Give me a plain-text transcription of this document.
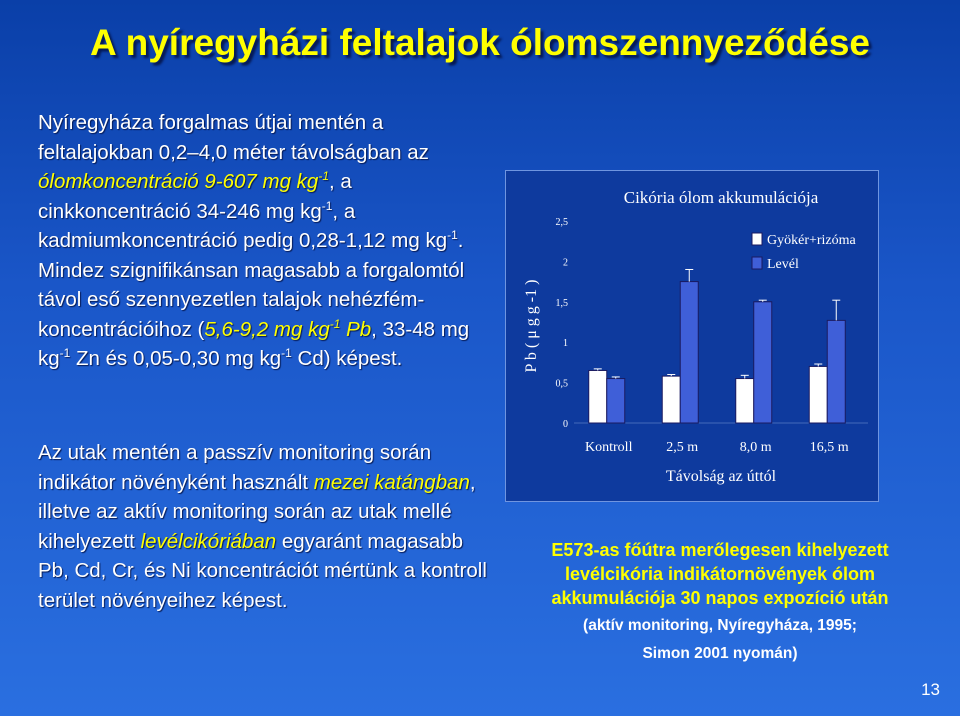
A nyíregyházi feltalajok ólomszennyeződése
Nyíregyháza forgalmas útjai mentén a feltalajokban 0,2–4,0 méter távolságban az ólomkoncentráció 9-607 mg $kg^{-1}$, a cinkkoncentráció 34-246 mg $kg^{-1}$, a kadmiumkoncentráció pedig 0,28-1,12 mg $kg^{-1}$. Mindez szignifikánsan magasabb a forgalomtól távol eső szennyezetlen talajok nehézfém-koncentrációihoz (5,6-9,2 mg $kg^{-1}$ Pb, 33-48 mg $kg^{-1}$ Zn és 0,05-0,30 mg $kg^{-1}$ Cd) képest.
Az utak mentén a passzív monitoring során indikátor növényként használt mezei katángban, illetve az aktív monitoring során az utak mellé kihelyezett levélcikóriában egyaránt magasabb Pb, Cd, Cr, és Ni koncentrációt mértünk a kontroll terület növényeihez képest.
Cikória ólom akkumulációja
0
0,5
1
1,5
2
2,5
P b ( μ g g -1 )
Kontroll 2,5 m	8,0 m	16,5 m
Távolság az úttól
Gyökér+rizóma
Levél
E573-as főútra merőlegesen kihelyezett
levélcikória indikátornövények ólom
akkumulációja 30 napos expozíció után
(aktív monitoring, Nyíregyháza, 1995;
Simon 2001 nyomán)
13
